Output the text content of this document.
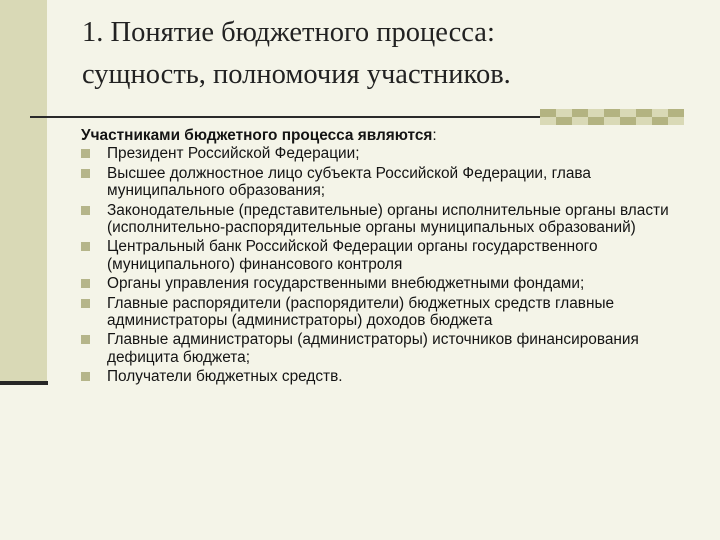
1. Понятие бюджетного процесса:
сущность, полномочия участников.
Участниками бюджетного процесса являются:
Президент Российской Федерации;
Высшее должностное лицо субъекта Российской Федерации, глава муниципального образования;
Законодательные (представительные) органы исполнительные органы власти (исполнительно-распорядительные органы муниципальных образований)
Центральный банк Российской Федерации органы государственного (муниципального) финансового контроля
Органы управления государственными внебюджетными фондами;
Главные распорядители (распорядители) бюджетных средств главные администраторы (администраторы) доходов бюджета
Главные администраторы (администраторы) источников финансирования дефицита бюджета;
Получатели бюджетных средств.
